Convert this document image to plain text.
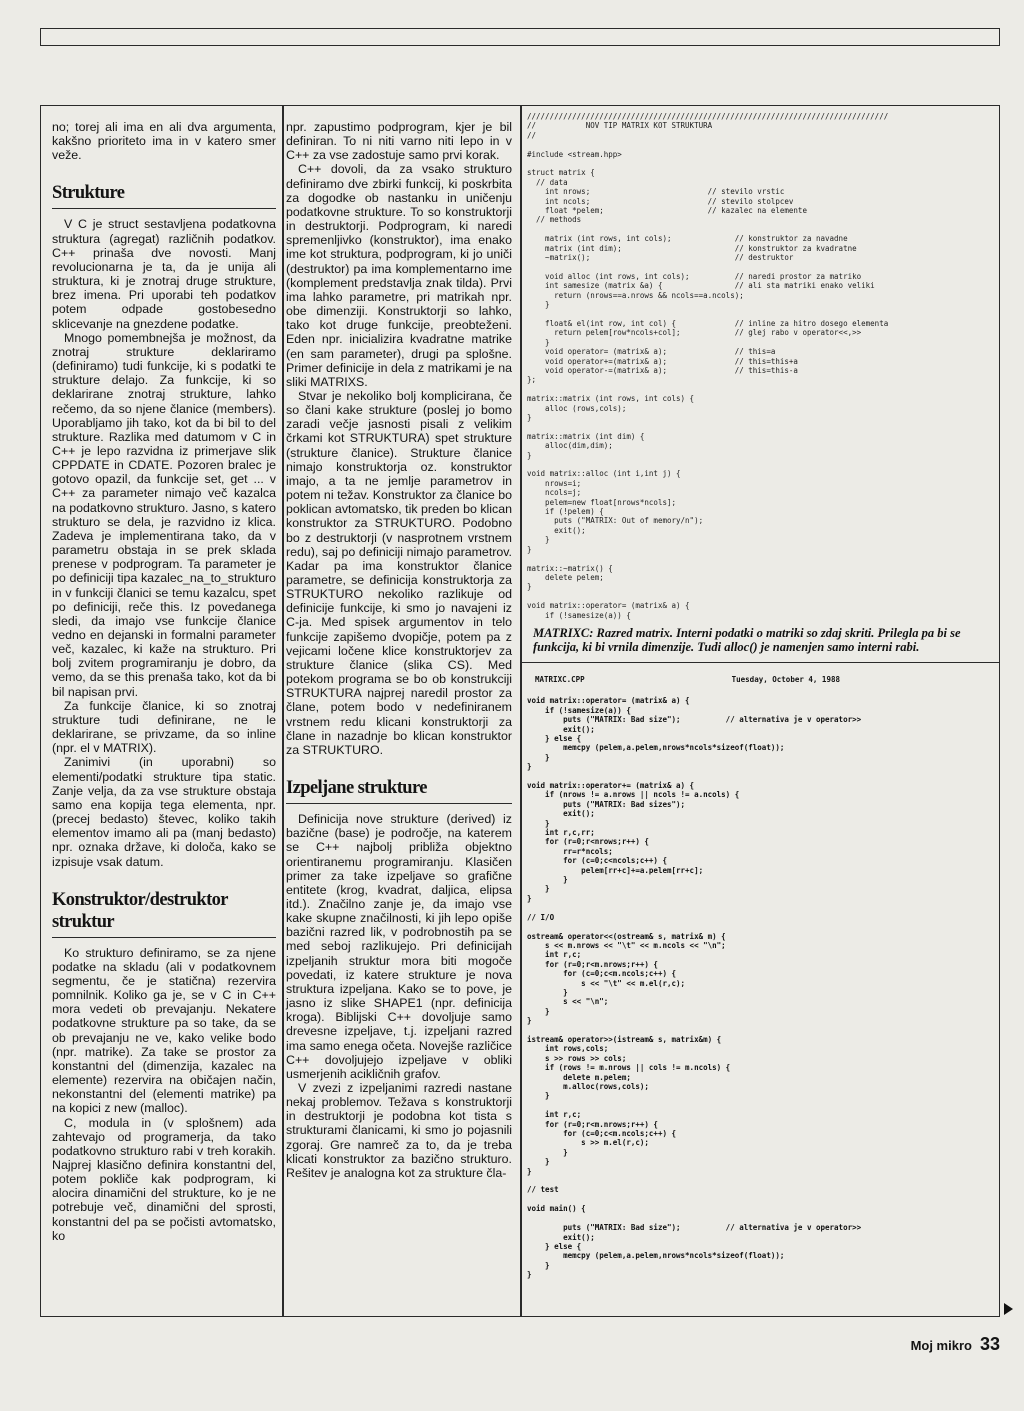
no; torej ali ima en ali dva argumenta, kakšno prioriteto ima in v katero smer veže.

Strukture

V C je struct sestavljena podatkovna struktura (agregat) različnih podatkov. C++ prinaša dve novosti. Manj revolucionarna je ta, da je unija ali struktura, ki je znotraj druge strukture, brez imena. Pri uporabi teh podatkov potem odpade gostobesedno sklicevanje na gnezdene podatke.

Mnogo pomembnejša je možnost, da znotraj strukture deklariramo (definiramo) tudi funkcije, ki s podatki te strukture delajo. Za funkcije, ki so deklarirane znotraj strukture, lahko rečemo, da so njene članice (members). Uporabljamo jih tako, kot da bi bil to del strukture. Razlika med datumom v C in C++ je lepo razvidna iz primerjave slik CPPDATE in CDATE. Pozoren bralec je gotovo opazil, da funkcije set, get ... v C++ za parameter nimajo več kazalca na podatkovno strukturo. Jasno, s katero strukturo se dela, je razvidno iz klica. Zadeva je implementirana tako, da v parametru obstaja in se prek sklada prenese v podprogram. Ta parameter je po definiciji tipa kazalec_na_to_strukturo in v funkciji članici se temu kazalcu, spet po definiciji, reče this. Iz povedanega sledi, da imajo vse funkcije članice vedno en dejanski in formalni parameter več, kazalec, ki kaže na strukturo. Pri bolj zvitem programiranju je dobro, da vemo, da se this prenaša tako, kot da bi bil napisan prvi.

Za funkcije članice, ki so znotraj strukture tudi definirane, ne le deklarirane, se privzame, da so inline (npr. el v MATRIX).

Zanimivi (in uporabni) so elementi/podatki strukture tipa static. Zanje velja, da za vse strukture obstaja samo ena kopija tega elementa, npr. (precej bedasto) števec, koliko takih elementov imamo ali pa (manj bedasto) npr. oznaka države, ki določa, kako se izpisuje vsak datum.

Konstruktor/destruktor struktur

Ko strukturo definiramo, se za njene podatke na skladu (ali v podatkovnem segmentu, če je statična) rezervira pomnilnik. Koliko ga je, se v C in C++ mora vedeti ob prevajanju. Nekatere podatkovne strukture pa so take, da se ob prevajanju ne ve, kako velike bodo (npr. matrike). Za take se prostor za konstantni del (dimenzija, kazalec na elemente) rezervira na običajen način, nekonstantni del (elementi matrike) pa na kopici z new (malloc).

C, modula in (v splošnem) ada zahtevajo od programerja, da tako podatkovno strukturo rabi v treh korakih. Najprej klasično definira konstantni del, potem pokliče kak podprogram, ki alocira dinamični del strukture, ko je ne potrebuje več, dinamični del sprosti, konstantni del pa se počisti avtomatsko, ko

npr. zapustimo podprogram, kjer je bil definiran. To ni niti varno niti lepo in v C++ za vse zadostuje samo prvi korak.

C++ dovoli, da za vsako strukturo definiramo dve zbirki funkcij, ki poskrbita za dogodke ob nastanku in uničenju podatkovne strukture. To so konstruktorji in destruktorji. Podprogram, ki naredi spremenljivko (konstruktor), ima enako ime kot struktura, podprogram, ki jo uniči (destruktor) pa ima komplementarno ime (komplement predstavlja znak tilda). Prvi ima lahko parametre, pri matrikah npr. obe dimenziji. Konstruktorji so lahko, tako kot druge funkcije, preobteženi. Eden npr. inicializira kvadratne matrike (en sam parameter), drugi pa splošne. Primer definicije in dela z matrikami je na sliki MATRIXS.

Stvar je nekoliko bolj komplicirana, če so člani kake strukture (poslej jo bomo zaradi večje jasnosti pisali z velikim črkami kot STRUKTURA) spet strukture (strukture članice). Strukture članice nimajo konstruktorja oz. konstruktor imajo, a ta ne jemlje parametrov in potem ni težav. Konstruktor za članice bo poklican avtomatsko, tik preden bo klican konstruktor za STRUKTURO. Podobno bo z destruktorji (v nasprotnem vrstnem redu), saj po definiciji nimajo parametrov. Kadar pa ima konstruktor članice parametre, se definicija konstruktorja za STRUKTURO nekoliko razlikuje od definicije funkcije, ki smo jo navajeni iz C-ja. Med spisek argumentov in telo funkcije zapišemo dvopičje, potem pa z vejicami ločene klice konstruktorjev za strukture članice (slika CS). Med potekom programa se bo ob konstrukciji STRUKTURA najprej naredil prostor za člane, potem bodo v nedefiniranem vrstnem redu klicani konstruktorji za člane in nazadnje bo klican konstruktor za STRUKTURO.

Izpeljane strukture

Definicija nove strukture (derived) iz bazične (base) je področje, na katerem se C++ najbolj približa objektno orientiranemu programiranju. Klasičen primer za take izpeljave so grafične entitete (krog, kvadrat, daljica, elipsa itd.). Značilno zanje je, da imajo vse kake skupne značilnosti, ki jih lepo opiše bazični razred lik, v podrobnostih pa se med seboj razlikujejo. Pri definicijah izpeljanih struktur mora biti mogoče povedati, iz katere strukture je nova struktura izpeljana. Kako se to pove, je jasno iz slike SHAPE1 (npr. definicija kroga). Biblijski C++ dovoljuje samo drevesne izpeljave, t.j. izpeljani razred ima samo enega očeta. Novejše različice C++ dovoljujejo izpeljave v obliki usmerjenih acikličnih grafov.

V zvezi z izpeljanimi razredi nastane nekaj problemov. Težava s konstruktorji in destruktorji je podobna kot tista s strukturami članicami, ki smo jo pojasnili zgoraj. Gre namreč za to, da je treba klicati konstruktor za bazično strukturo. Rešitev je analogna kot za strukture čla-

////////////////////////////////////////////////////////////////////////////////
//           NOV TIP MATRIX KOT STRUKTURA
//

#include <stream.hpp>

struct matrix {
// data
int nrows;                          // stevilo vrstic
int ncols;                          // stevilo stolpcev
float *pelem;                       // kazalec na elemente
// methods

matrix (int rows, int cols);              // konstruktor za navadne
matrix (int dim);                         // konstruktor za kvadratne
~matrix();                                // destruktor

void alloc (int rows, int cols);          // naredi prostor za matriko
int samesize (matrix &a) {                // ali sta matriki enako veliki
return (nrows==a.nrows && ncols==a.ncols);
}

float& el(int row, int col) {             // inline za hitro dosego elementa
return pelem[row*ncols+col];            // glej rabo v operator<<,>>
}
void operator= (matrix& a);               // this=a
void operator+=(matrix& a);               // this=this+a
void operator-=(matrix& a);               // this=this-a
};

matrix::matrix (int rows, int cols) {
alloc (rows,cols);
}

matrix::matrix (int dim) {
alloc(dim,dim);
}

void matrix::alloc (int i,int j) {
nrows=i;
ncols=j;
pelem=new float[nrows*ncols];
if (!pelem) {
puts ("MATRIX: Out of memory/n");
exit();
}
}

matrix::~matrix() {
delete pelem;
}

void matrix::operator= (matrix& a) {
if (!samesize(a)) {
MATRIXC: Razred matrix. Interni podatki o matriki so zdaj skriti. Prilegla pa bi se funkcija, ki bi vrnila dimenzije. Tudi alloc() je namenjen samo interni rabi.
MATRIXC.CPP	Tuesday, October 4, 1988
void matrix::operator= (matrix& a) {
if (!samesize(a)) {
puts ("MATRIX: Bad size");          // alternativa je v operator>>
exit();
} else {
memcpy (pelem,a.pelem,nrows*ncols*sizeof(float));
}
}

void matrix::operator+= (matrix& a) {
if (nrows != a.nrows || ncols != a.ncols) {
puts ("MATRIX: Bad sizes");
exit();
}
int r,c,rr;
for (r=0;r<nrows;r++) {
rr=r*ncols;
for (c=0;c<ncols;c++) {
pelem[rr+c]+=a.pelem[rr+c];
}
}
}

// I/O

ostream& operator<<(ostream& s, matrix& m) {
s << m.nrows << "\t" << m.ncols << "\n";
int r,c;
for (r=0;r<m.nrows;r++) {
for (c=0;c<m.ncols;c++) {
s << "\t" << m.el(r,c);
}
s << "\n";
}
}

istream& operator>>(istream& s, matrix&m) {
int rows,cols;
s >> rows >> cols;
if (rows != m.nrows || cols != m.ncols) {
delete m.pelem;
m.alloc(rows,cols);
}

int r,c;
for (r=0;r<m.nrows;r++) {
for (c=0;c<m.ncols;c++) {
s >> m.el(r,c);
}
}
}

// test

void main() {

puts ("MATRIX: Bad size");          // alternativa je v operator>>
exit();
} else {
memcpy (pelem,a.pelem,nrows*ncols*sizeof(float));
}
}
Moj mikro 33
